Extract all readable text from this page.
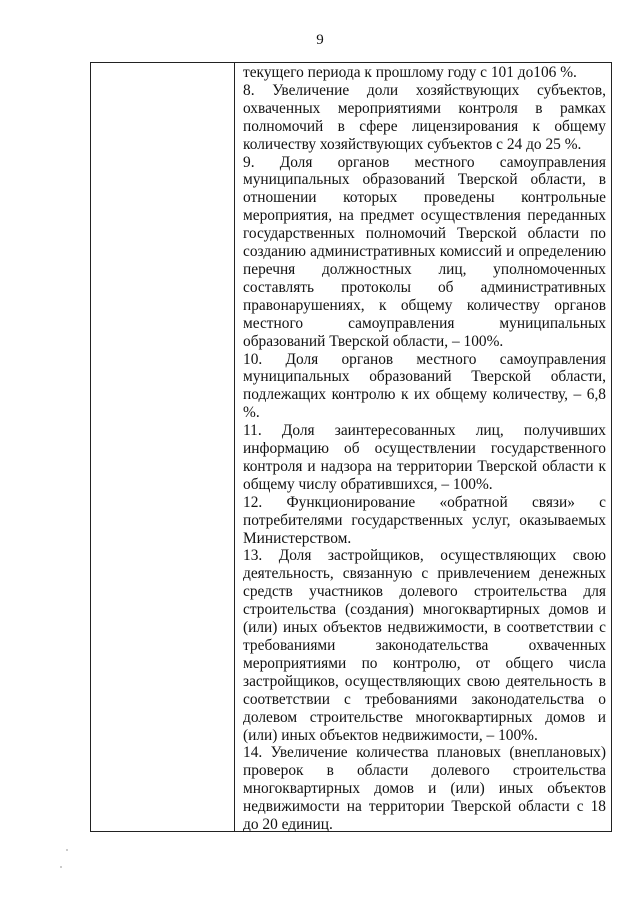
9

текущего периода к прошлому году с 101 до106 %.

8. Увеличение доли хозяйствующих субъектов, охваченных мероприятиями контроля в рамках полномочий в сфере лицензирования к общему количеству хозяйствующих субъектов с 24 до 25 %.

9. Доля органов местного самоуправления муниципальных образований Тверской области, в отношении которых проведены контрольные мероприятия, на предмет осуществления переданных государственных полномочий Тверской области по созданию административных комиссий и определению перечня должностных лиц, уполномоченных составлять протоколы об административных правонарушениях, к общему количеству органов местного самоуправления муниципальных образований Тверской области, – 100%.

10. Доля органов местного самоуправления муниципальных образований Тверской области, подлежащих контролю к их общему количеству, – 6,8 %.

11. Доля заинтересованных лиц, получивших информацию об осуществлении государственного контроля и надзора на территории Тверской области к общему числу обратившихся, – 100%.

12. Функционирование «обратной связи» с потребителями государственных услуг, оказываемых Министерством.

13. Доля застройщиков, осуществляющих свою деятельность, связанную с привлечением денежных средств участников долевого строительства для строительства (создания) многоквартирных домов и (или) иных объектов недвижимости, в соответствии с требованиями законодательства охваченных мероприятиями по контролю, от общего числа застройщиков, осуществляющих свою деятельность в соответствии с требованиями законодательства о долевом строительстве многоквартирных домов и (или) иных объектов недвижимости, – 100%.

14. Увеличение количества плановых (внеплановых) проверок в области долевого строительства многоквартирных домов и (или) иных объектов недвижимости на территории Тверской области с 18 до 20 единиц.
